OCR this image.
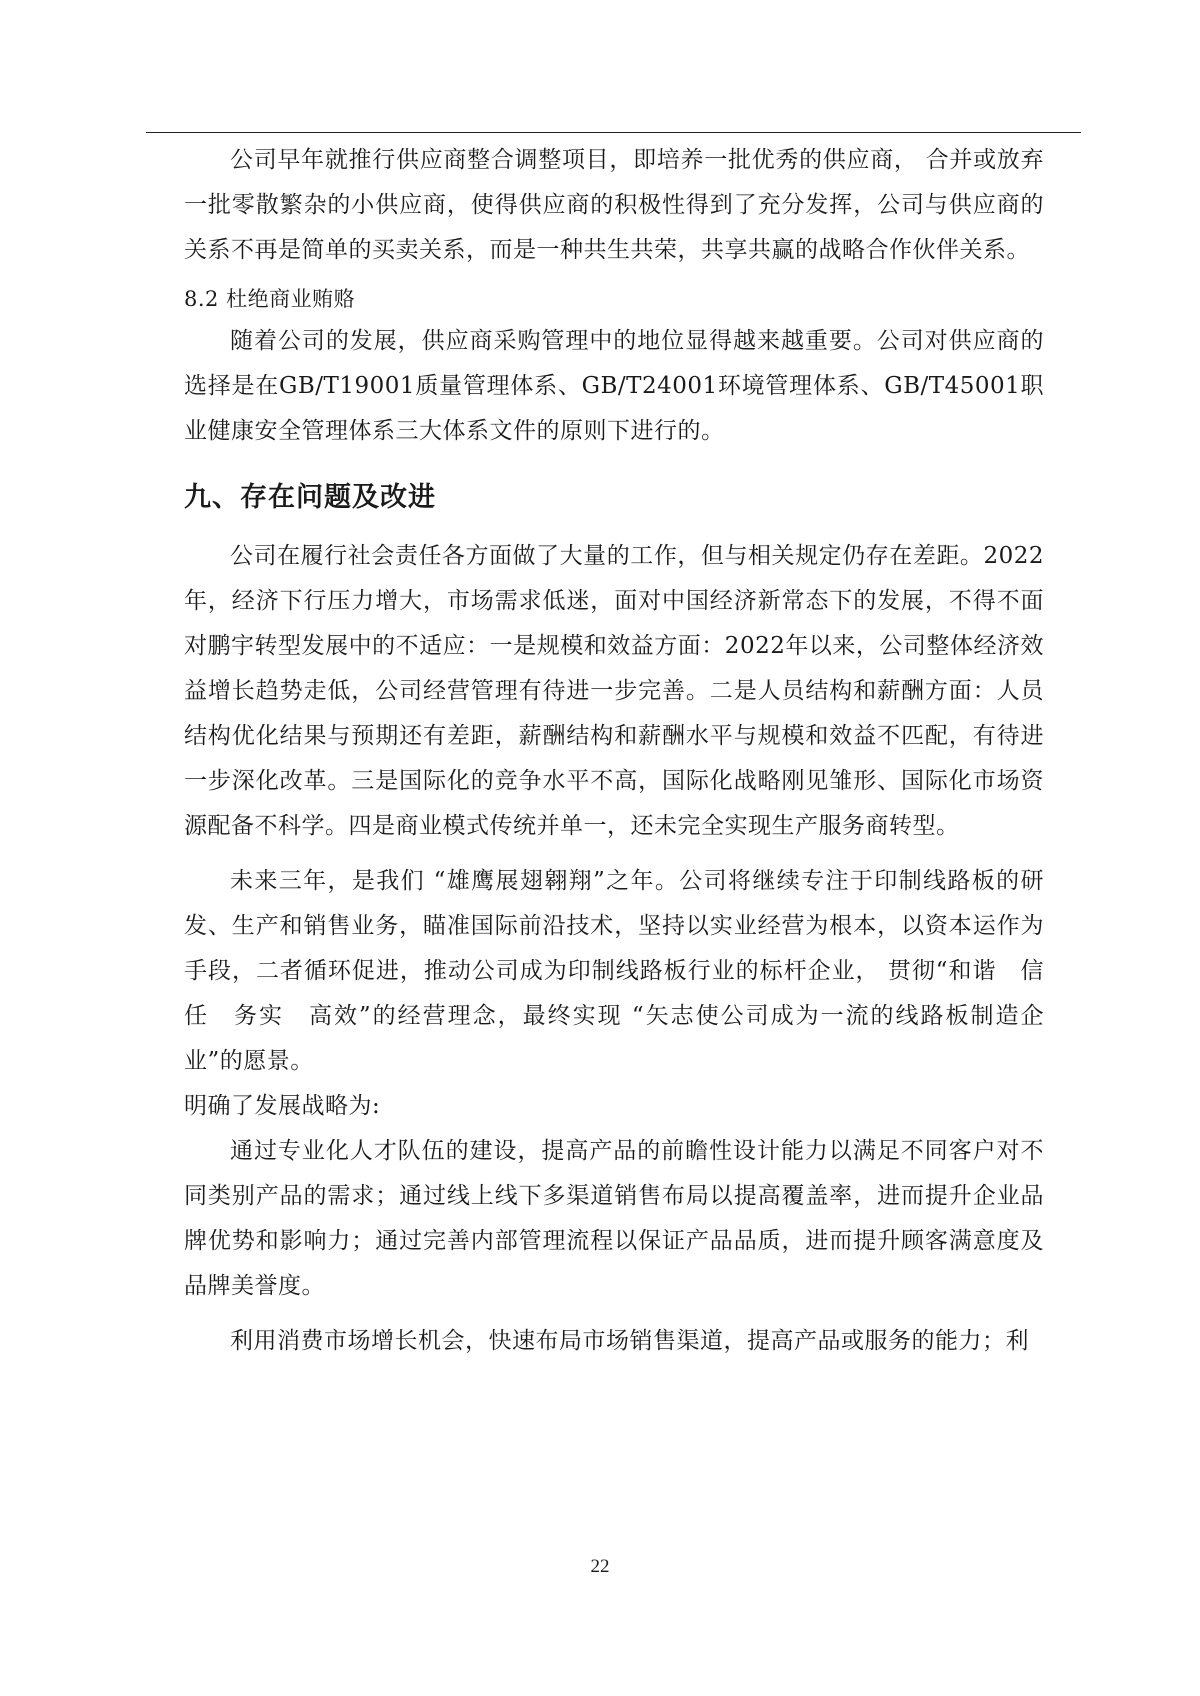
公司早年就推行供应商整合调整项目，即培养一批优秀的供应商， 合并或放弃一批零散繁杂的小供应商，使得供应商的积极性得到了充分发挥，公司与供应商的关系不再是简单的买卖关系，而是一种共生共荣，共享共赢的战略合作伙伴关系。

8.2 杜绝商业贿赂

随着公司的发展，供应商采购管理中的地位显得越来越重要。公司对供应商的选择是在GB/T19001质量管理体系、GB/T24001环境管理体系、GB/T45001职业健康安全管理体系三大体系文件的原则下进行的。

九、存在问题及改进

公司在履行社会责任各方面做了大量的工作，但与相关规定仍存在差距。2022年，经济下行压力增大，市场需求低迷，面对中国经济新常态下的发展，不得不面对鹏宇转型发展中的不适应：一是规模和效益方面：2022年以来，公司整体经济效益增长趋势走低，公司经营管理有待进一步完善。二是人员结构和薪酬方面：人员结构优化结果与预期还有差距，薪酬结构和薪酬水平与规模和效益不匹配，有待进一步深化改革。三是国际化的竞争水平不高，国际化战略刚见雏形、国际化市场资源配备不科学。四是商业模式传统并单一，还未完全实现生产服务商转型。

未来三年，是我们 “雄鹰展翅翱翔”之年。公司将继续专注于印制线路板的研发、生产和销售业务，瞄准国际前沿技术，坚持以实业经营为根本，以资本运作为手段，二者循环促进，推动公司成为印制线路板行业的标杆企业， 贯彻“和谐　信任　务实　高效”的经营理念，最终实现 “矢志使公司成为一流的线路板制造企业”的愿景。

明确了发展战略为:

通过专业化人才队伍的建设，提高产品的前瞻性设计能力以满足不同客户对不同类别产品的需求；通过线上线下多渠道销售布局以提高覆盖率，进而提升企业品牌优势和影响力；通过完善内部管理流程以保证产品品质，进而提升顾客满意度及品牌美誉度。

利用消费市场增长机会，快速布局市场销售渠道，提高产品或服务的能力；利

22
